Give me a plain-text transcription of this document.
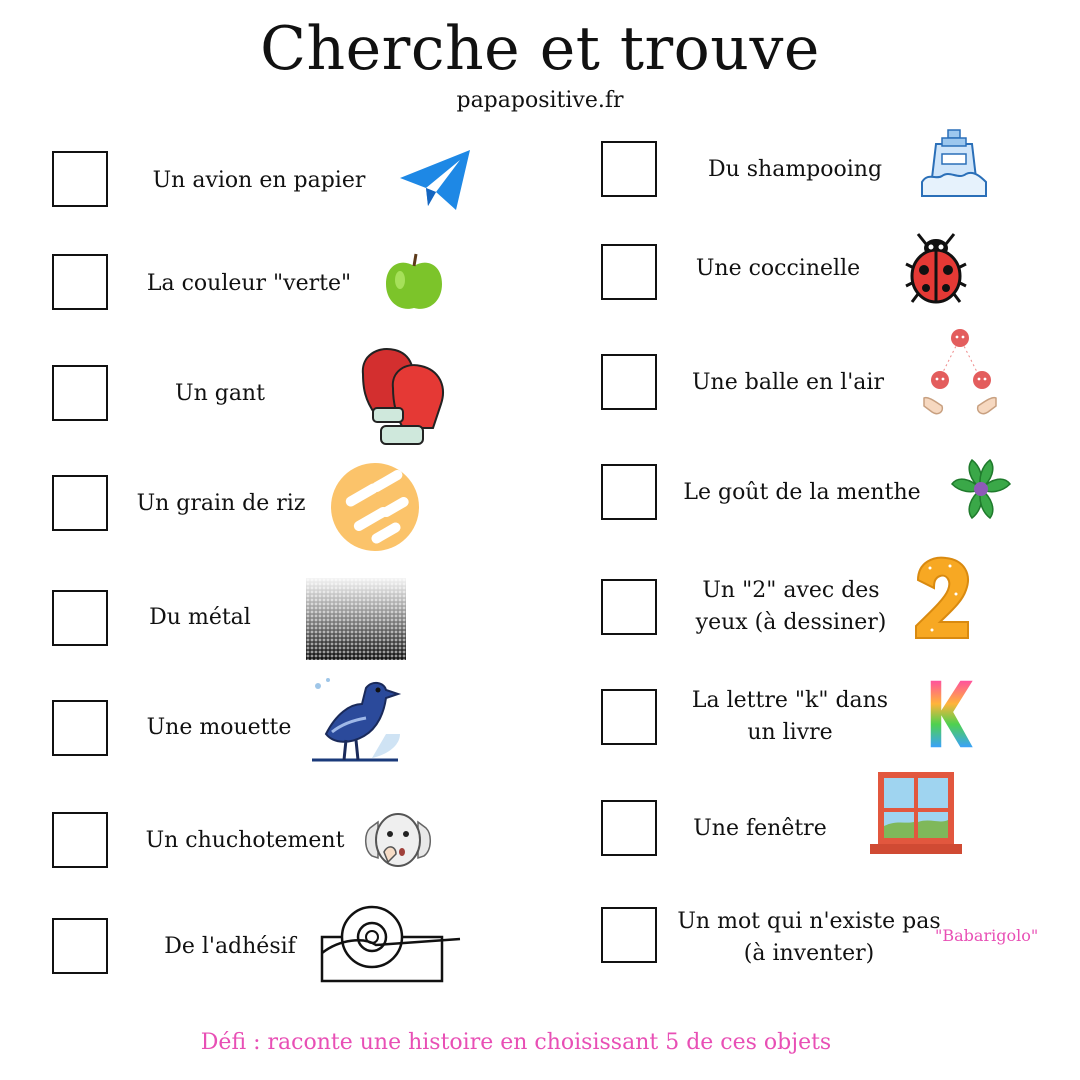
Cherche et trouve
papapositive.fr
Un avion en papier
La couleur "verte"
Un gant
Un grain de riz
Du métal
Une mouette
Un chuchotement
De l'adhésif
Du shampooing
Une coccinelle
Une balle en l'air
Le goût de la menthe
Un "2" avec des yeux (à dessiner)
La lettre "k" dans un livre
Une fenêtre
Un mot qui n'existe pas (à inventer)
"Babarigolo"
Défi : raconte une histoire en choisissant 5 de ces objets
